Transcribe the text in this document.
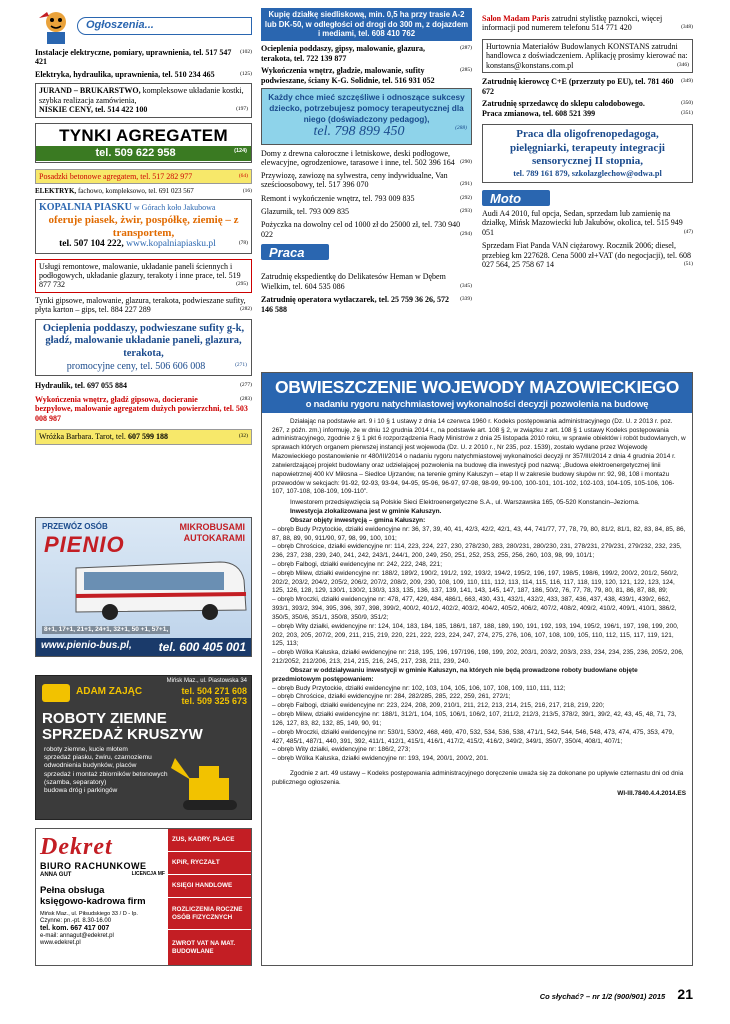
Ogłoszenia...
(102)
Instalacje elektryczne, pomiary, uprawnienia, tel. 517 547 421
(125)
Elektryka, hydraulika, uprawnienia, tel. 510 234 465
JURAND – BRUKARSTWO, kompleksowe układanie kostki, szybka realizacja zamówienia,

(197)
NISKIE CENY, tel. 514 422 100
TYNKI AGREGATEM
tel. 509 622 958	(124)
(64)
Posadzki betonowe agregatem, tel. 517 282 977
(16)
ELEKTRYK, fachowo, kompleksowo, tel. 691 023 567
KOPALNIA PIASKU w Górach koło Jakubowa
oferuje piasek, żwir, pospółkę, ziemię – z transportem,
tel. 507 104 222, www.kopalniapiasku.pl	(78)
Usługi remontowe, malowanie, układanie paneli ściennych i podłogowych, układanie glazury, terakoty i inne prace, tel. 519 877 732	(295)
Tynki gipsowe, malowanie, glazura, terakota, podwieszane sufity, płyta karton – gips, tel. 884 227 289	(282)
Ocieplenia poddaszy, podwieszane sufity g-k, gładź, malowanie układanie paneli, glazura, terakota,
promocyjne ceny, tel. 506 606 008	(271)
(277)
Hydraulik, tel. 697 055 884
(283)
Wykończenia wnętrz, gładź gipsowa, docieranie bezpyłowe, malowanie agregatem dużych powierzchni, tel. 503 008 987
(32)
Wróżka Barbara. Tarot, tel. 607 599 188
PRZEWÓZ OSÓB
PIENIO
MIKROBUSAMI
AUTOKARAMI
8+1, 17+1, 21+1, 24+1, 32+1, 50 +1, 57+1,
www.pienio-bus.pl, tel. 600 405 001
ADAM ZAJĄC
Mińsk Maz., ul. Piastowska 34
tel. 504 271 608
tel. 509 325 673
ROBOTY ZIEMNE
SPRZEDAŻ KRUSZYW
roboty ziemne, kucie młotem
sprzedaż piasku, żwiru, czarnoziemu
odwodnienia budynków, placów
sprzedaż i montaż zbiorników betonowych (szamba, separatory)
budowa dróg i parkingów
Dekret
BIURO RACHUNKOWE
ANNA GUT	LICENCJA MF
Pełna obsługa
księgowo-kadrowa firm
Mińsk Maz., ul. Piłsudskiego 33 / D - Ip.
Czynne: pn.-pt. 8.30-16.00
tel. kom. 667 417 007
e-mail: annagut@edekret.pl
www.edekret.pl
ZUS, KADRY, PŁACE
KPiR, RYCZAŁT
KSIĘGI HANDLOWE
ROZLICZENIA ROCZNE OSÓB FIZYCZNYCH
ZWROT VAT NA MAT. BUDOWLANE
Kupię działkę siedliskową, min. 0,5 ha przy trasie A-2 lub DK-50, w odległości od drogi do 300 m, z dojazdem i mediami, tel. 608 410 762
(287)
Ocieplenia poddaszy, gipsy, malowanie, glazura, terakota, tel. 722 139 877
(285)
Wykończenia wnętrz, gładzie, malowanie, sufity podwieszane, ściany K-G. Solidnie, tel. 516 931 052
Każdy chce mieć szczęśliwe i odnoszące sukcesy dziecko, potrzebujesz pomocy terapeutycznej dla niego (doświadczony pedagog),
tel. 798 899 450	(288)
Domy z drewna całoroczne i letniskowe, deski podłogowe, elewacyjne, ogrodzeniowe, tarasowe i inne, tel. 502 396 164 (290)
Przywiozę, zawiozę na sylwestra, ceny indywidualne, Van sześcioosobowy, tel. 517 396 070	(291)
Remont i wykończenie wnętrz, tel. 793 009 835	(292)
Glazurnik, tel. 793 009 835	(293)
Pożyczka na dowolny cel od 1000 zł do 25000 zł, tel. 730 940 022	(294)
Praca
Zatrudnię ekspedientkę do Delikatesów Heman w Dębem Wielkim, tel. 604 535 086	(345)
(339)
Zatrudnię operatora wytłaczarek, tel. 25 759 36 26, 572 146 588
Salon Madam Paris zatrudni stylistkę paznokci, więcej informacji pod numerem telefonu 514 771 420	(348)
Hurtownia Materiałów Budowlanych KONSTANS zatrudni handlowca z doświadczeniem. Aplikację prosimy kierować na: konstans@konstans.com.pl	(346)
(349)
Zatrudnię kierowcę C+E (przerzuty po EU), tel. 781 460 672
(350)
Zatrudnię sprzedawcę do sklepu całodobowego.
(351)
Praca zmianowa, tel. 608 521 399
Praca dla oligofrenopedagoga, pielęgniarki, terapeuty integracji sensorycznej II stopnia,
tel. 789 161 879, szkolazglechow@odwa.pl
Moto
Audi A4 2010, ful opcja, Sedan, sprzedam lub zamienię na działkę, Mińsk Mazowiecki lub Jakubów, okolica, tel. 515 949 051	(47)
Sprzedam Fiat Panda VAN ciężarowy. Rocznik 2006; diesel, przebieg km 227628. Cena 5000 zł+VAT (do negocjacji), tel. 608 027 564, 25 758 67 14	(51)
OBWIESZCZENIE WOJEWODY MAZOWIECKIEGO
o nadaniu rygoru natychmiastowej wykonalności decyzji pozwolenia na budowę

Działając na podstawie art. 9 i 10 § 1 ustawy z dnia 14 czerwca 1960 r. Kodeks postępowania administracyjnego (Dz. U. z 2013 r. poz. 267, z późn. zm.) informuję, że w dniu 12 grudnia 2014 r., na podstawie art. 108 § 2, w związku z art. 108 § 1 ustawy Kodeks postępowania administracyjnego, zgodnie z § 1 pkt 6 rozporządzenia Rady Ministrów z dnia 25 listopada 2010 roku, w sprawie obiektów i robót budowlanych, w sprawach których organem pierwszej instancji jest wojewoda (Dz. U. z 2010 r., Nr 235, poz. 1539), zostało wydane przez Wojewodę Mazowieckiego postanowienie nr 480/III/2014 o nadaniu rygoru natychmiastowej wykonalności decyzji nr 357/III/2014 z dnia 4 grudnia 2014 r. zatwierdzającej projekt budowlany oraz udzielającej pozwolenia na budowę dla inwestycji pod nazwą: „Budowa elektroenergetycznej linii napowietrznej 400 kV Miłosna – Siedlce Ujrzanów, na terenie gminy Kałuszyn – etap II w zakresie budowy słupów nr: 92, 98, 108 i montażu przewodów w sekcjach: 91-92, 92-93, 93-94, 94-95, 95-96, 96-97, 97-98, 98-99, 99-100, 100-101, 101-102, 102-103, 104-105, 105-106, 106-107, 107-108, 108-109, 109-110”.

Inwestorem przedsięwzięcia są Polskie Sieci Elektroenergetyczne S.A., ul. Warszawska 165, 05-520 Konstancin–Jeziorna.

Inwestycja zlokalizowana jest w gminie Kałuszyn.

Obszar objęty inwestycją – gmina Kałuszyn:

– obręb Budy Przytockie, działki ewidencyjne nr: 36, 37, 39, 40, 41, 42/3, 42/2, 42/1, 43, 44, 741/77, 77, 78, 79, 80, 81/2, 81/1, 82, 83, 84, 85, 86, 87, 88, 89, 90, 911/90, 97, 98, 99, 100, 101;

– obręb Chrościce, działki ewidencyjne nr: 114, 223, 224, 227, 230, 278/230, 283, 280/231, 280/230, 231, 278/231, 279/231, 279/232, 232, 235, 236, 237, 238, 239, 240, 241, 242, 243/1, 244/1, 200, 249, 250, 251, 252, 253, 255, 256, 260, 103, 98, 99, 101/1;

– obręb Falbogi, działki ewidencyjne nr: 242, 222, 248, 221;

– obręb Milew, działki ewidencyjne nr: 188/2, 189/2, 190/2, 191/2, 192, 193/2, 194/2, 195/2, 196, 197, 198/5, 198/6, 199/2, 200/2, 201/2, 560/2, 202/2, 203/2, 204/2, 205/2, 206/2, 207/2, 208/2, 209, 230, 108, 109, 110, 111, 112, 113, 114, 115, 116, 117, 118, 119, 120, 121, 122, 123, 124, 125, 126, 128, 129, 130/1, 130/2, 130/3, 133, 135, 136, 137, 139, 141, 143, 145, 147, 187, 186, 50/2, 76, 77, 78, 79, 80, 81, 86, 87, 88, 89;

– obręb Mroczki, działki ewidencyjne nr: 478, 477, 429, 484, 486/1, 663, 430, 431, 432/1, 432/2, 433, 387, 436, 437, 438, 439/1, 439/2, 662, 393/1, 393/2, 394, 395, 396, 397, 398, 399/2, 400/2, 401/2, 402/2, 403/2, 404/2, 405/2, 406/2, 407/2, 408/2, 409/2, 410/2, 409/1, 410/1, 386/2, 350/5, 350/6, 351/1, 350/8, 350/9, 351/2;

– obręb Wity działki, ewidencyjne nr: 124, 104, 183, 184, 185, 186/1, 187, 188, 189, 190, 191, 192, 193, 194, 195/2, 196/1, 197, 198, 199, 200, 202, 203, 205, 207/2, 209, 211, 215, 219, 220, 221, 222, 223, 224, 247, 274, 275, 276, 106, 107, 108, 109, 105, 110, 112, 115, 117, 119, 121, 125, 113;

– obręb Wólka Kałuska, działki ewidencyjne nr: 218, 195, 196, 197/196, 198, 199, 202, 203/1, 203/2, 203/3, 233, 234, 234, 235, 236, 205/2, 206, 212/2052, 212/206, 213, 214, 215, 216, 245, 217, 238, 211, 239, 240.

Obszar w oddziaływaniu inwestycji w gminie Kałuszyn, na których nie będą prowadzone roboty budowlane objęte przedmiotowym postępowaniem:

– obręb Budy Przytockie, działki ewidencyjne nr: 102, 103, 104, 105, 106, 107, 108, 109, 110, 111, 112;

– obręb Chrościce, działki ewidencyjne nr: 284, 282/285, 285, 222, 259, 261, 272/1;

– obręb Falbogi, działki ewidencyjne nr: 223, 224, 208, 209, 210/1, 211, 212, 213, 214, 215, 216, 217, 218, 219, 220;

– obręb Milew, działki ewidencyjne nr: 188/1, 312/1, 104, 105, 106/1, 106/2, 107, 211/2, 212/3, 213/5, 378/2, 39/1, 39/2, 42, 43, 45, 48, 71, 73, 126, 127, 83, 82, 132, 85, 149, 90, 91;

– obręb Mroczki, działki ewidencyjne nr: 530/1, 530/2, 468, 469, 470, 532, 534, 536, 538, 471/1, 542, 544, 546, 548, 473, 474, 475, 353, 479, 427, 485/1, 487/1, 440, 391, 392, 411/1, 412/1, 415/1, 416/1, 417/2, 415/2, 416/2, 349/2, 349/1, 350/7, 350/4, 408/1, 407/1;

– obręb Wity działki, ewidencyjne nr: 186/2, 273;

– obręb Wólka Kałuska, działki ewidencyjne nr: 193, 194, 200/1, 200/2, 201.

Zgodnie z art. 49 ustawy – Kodeks postępowania administracyjnego doręczenie uważa się za dokonane po upływie czternastu dni od dnia publicznego ogłoszenia.

WI-III.7840.4.4.2014.ES

Co słychać? – nr 1/2 (900/901) 2015 21
